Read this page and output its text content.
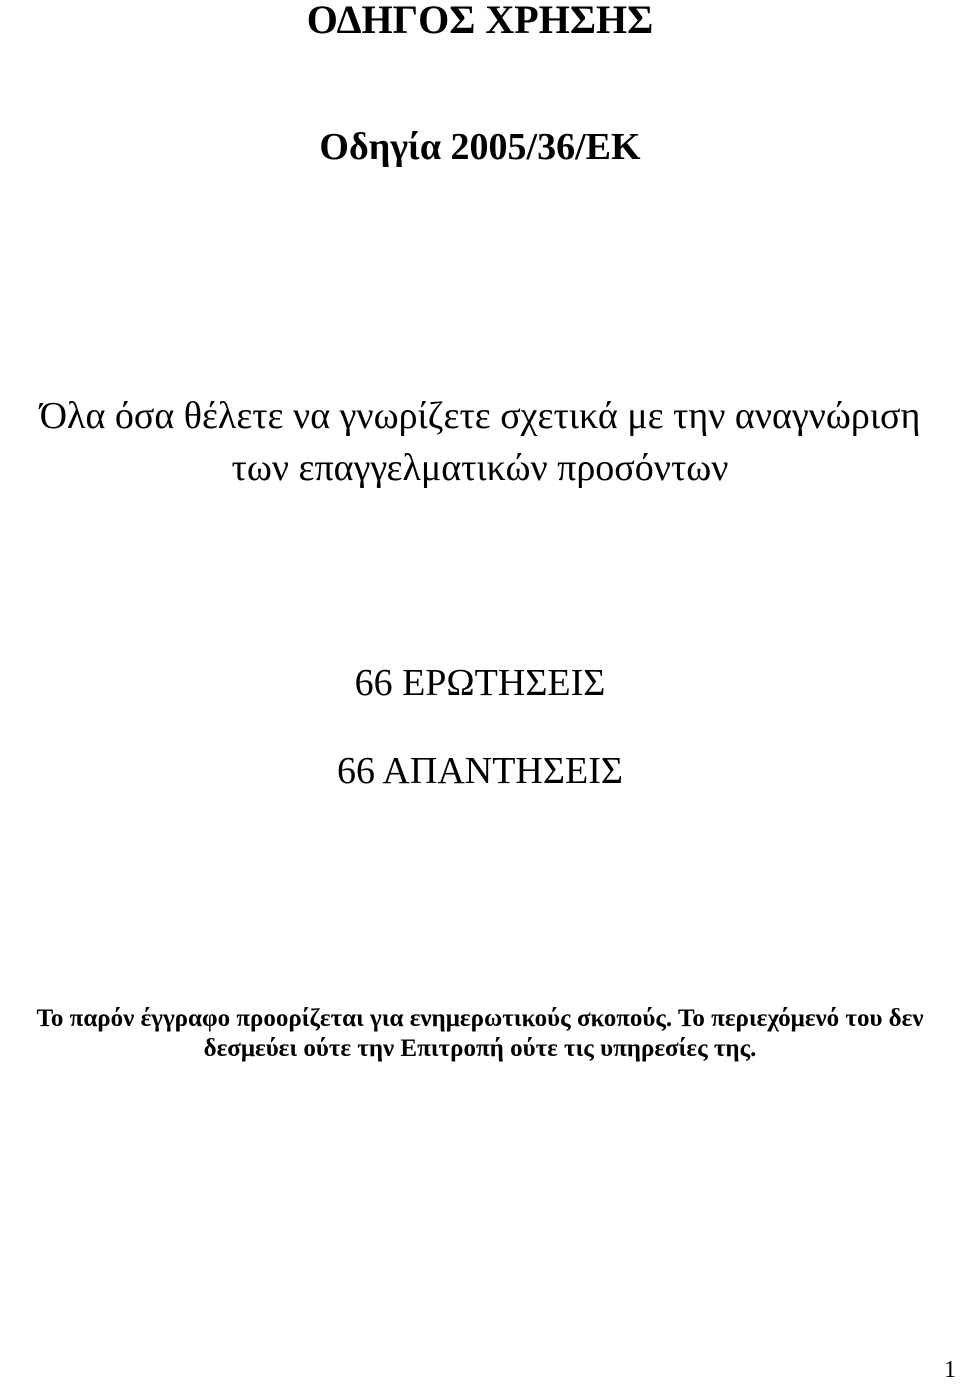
ΟΔΗΓΟΣ ΧΡΗΣΗΣ
Οδηγία 2005/36/ΕΚ
Όλα όσα θέλετε να γνωρίζετε σχετικά με την αναγνώριση
των επαγγελματικών προσόντων
66 ΕΡΩΤΗΣΕΙΣ
66 ΑΠΑΝΤΗΣΕΙΣ
Το παρόν έγγραφο προορίζεται για ενημερωτικούς σκοπούς. Το περιεχόμενό του δεν
δεσμεύει ούτε την Επιτροπή ούτε τις υπηρεσίες της.
1
